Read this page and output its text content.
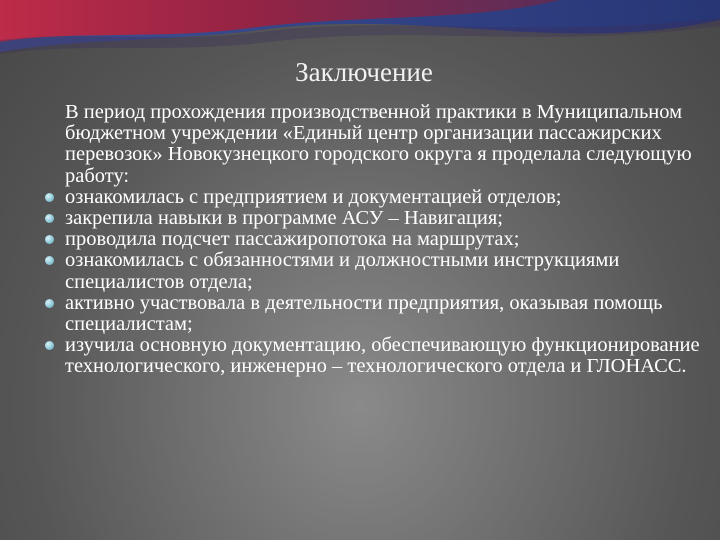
Заключение
В период прохождения производственной практики в Муниципальном бюджетном учреждении «Единый центр организации пассажирских перевозок» Новокузнецкого городского округа я проделала следующую работу:
ознакомилась с предприятием и документацией отделов;
закрепила навыки в программе АСУ – Навигация;
проводила подсчет пассажиропотока на маршрутах;
ознакомилась с обязанностями и должностными инструкциями специалистов отдела;
активно участвовала в деятельности предприятия, оказывая помощь специалистам;
изучила основную документацию, обеспечивающую функционирование технологического, инженерно – технологического отдела и ГЛОНАСС.
